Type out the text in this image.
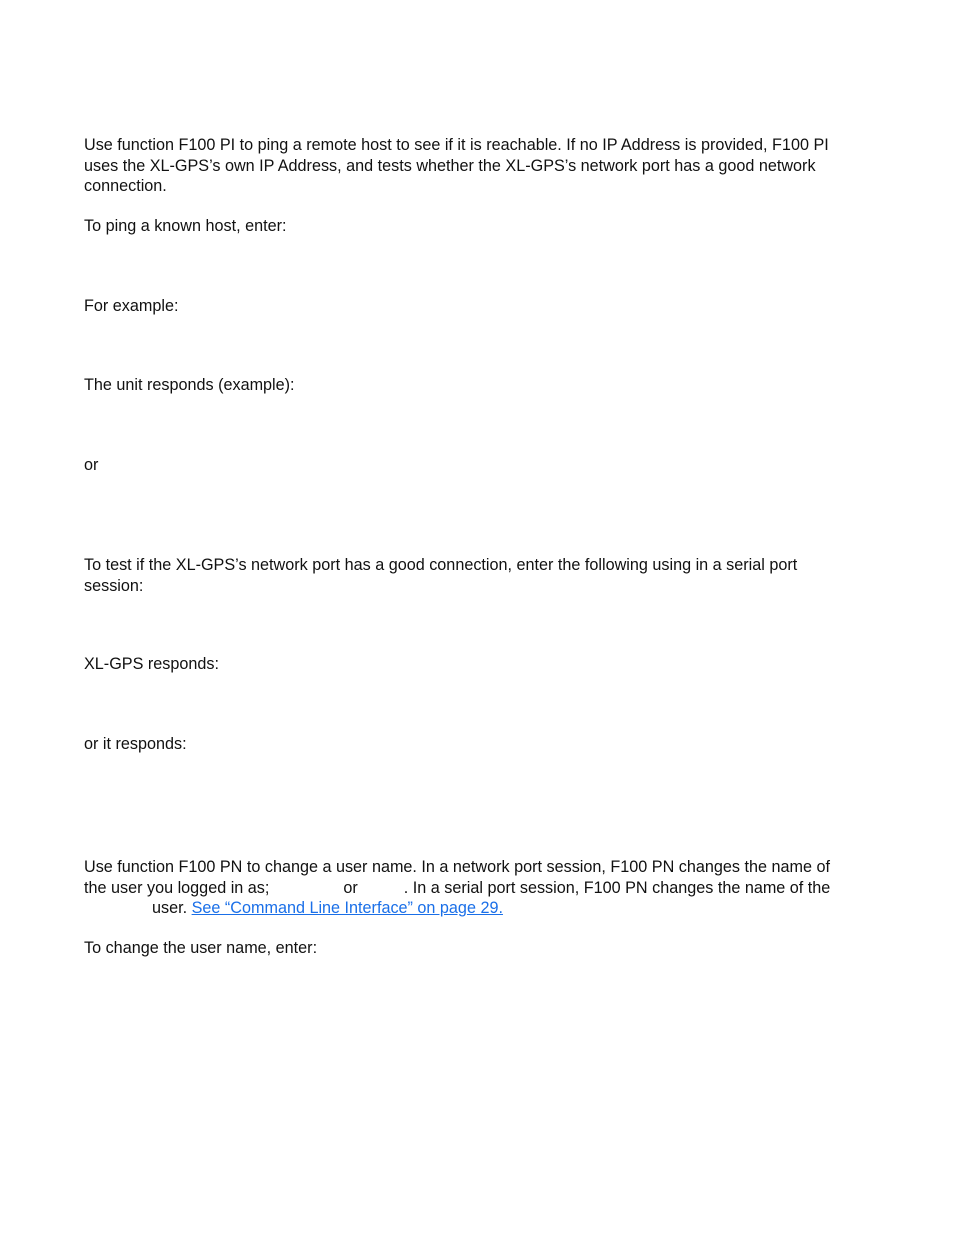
Use function F100 PI to ping a remote host to see if it is reachable. If no IP Address is provided, F100 PI
uses the XL-GPS’s own IP Address, and tests whether the XL-GPS’s network port has a good network
connection.

To ping a known host, enter:

For example:

The unit responds (example):

or

To test if the XL-GPS’s network port has a good connection, enter the following using in a serial port
session:

XL-GPS responds:

or it responds:

Use function F100 PN to change a user name. In a network port session, F100 PN changes the name of
the user you logged in as;	or	. In a serial port session, F100 PN changes the name of the
user. See “Command Line Interface” on page 29.

To change the user name, enter:
